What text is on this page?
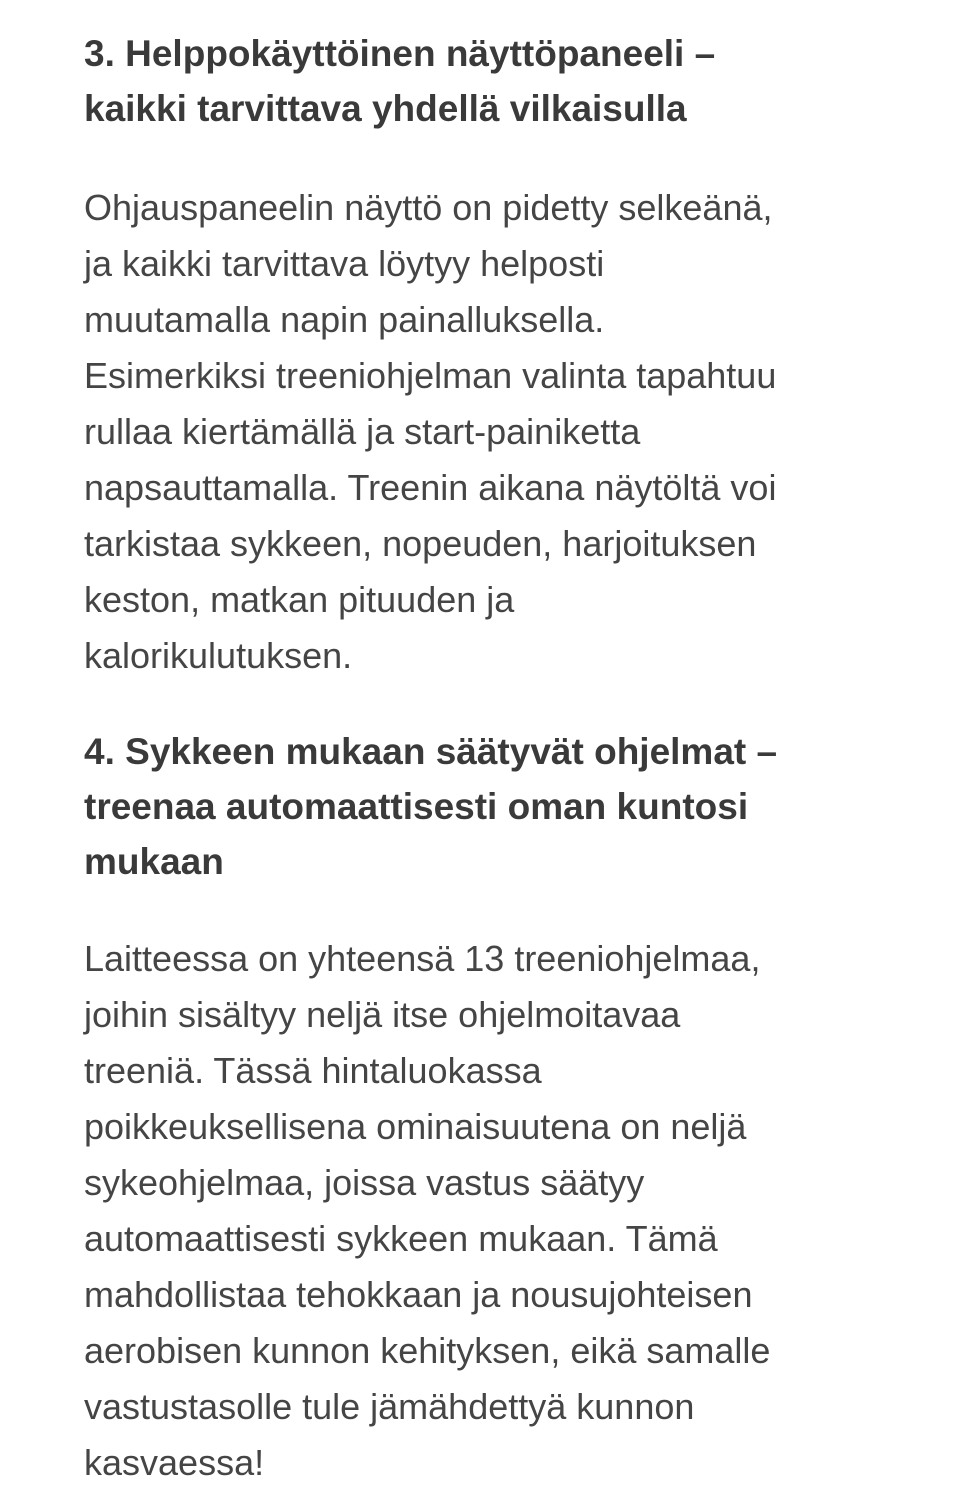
3. Helppokäyttöinen näyttöpaneeli –
kaikki tarvittava yhdellä vilkaisulla

Ohjauspaneelin näyttö on pidetty selkeänä,
ja kaikki tarvittava löytyy helposti
muutamalla napin painalluksella.
Esimerkiksi treeniohjelman valinta tapahtuu
rullaa kiertämällä ja start-painiketta
napsauttamalla. Treenin aikana näytöltä voi
tarkistaa sykkeen, nopeuden, harjoituksen
keston, matkan pituuden ja
kalorikulutuksen.

4. Sykkeen mukaan säätyvät ohjelmat –
treenaa automaattisesti oman kuntosi
mukaan

Laitteessa on yhteensä 13 treeniohjelmaa,
joihin sisältyy neljä itse ohjelmoitavaa
treeniä. Tässä hintaluokassa
poikkeuksellisena ominaisuutena on neljä
sykeohjelmaa, joissa vastus säätyy
automaattisesti sykkeen mukaan. Tämä
mahdollistaa tehokkaan ja nousujohteisen
aerobisen kunnon kehityksen, eikä samalle
vastustasolle tule jämähdettyä kunnon
kasvaessa!
